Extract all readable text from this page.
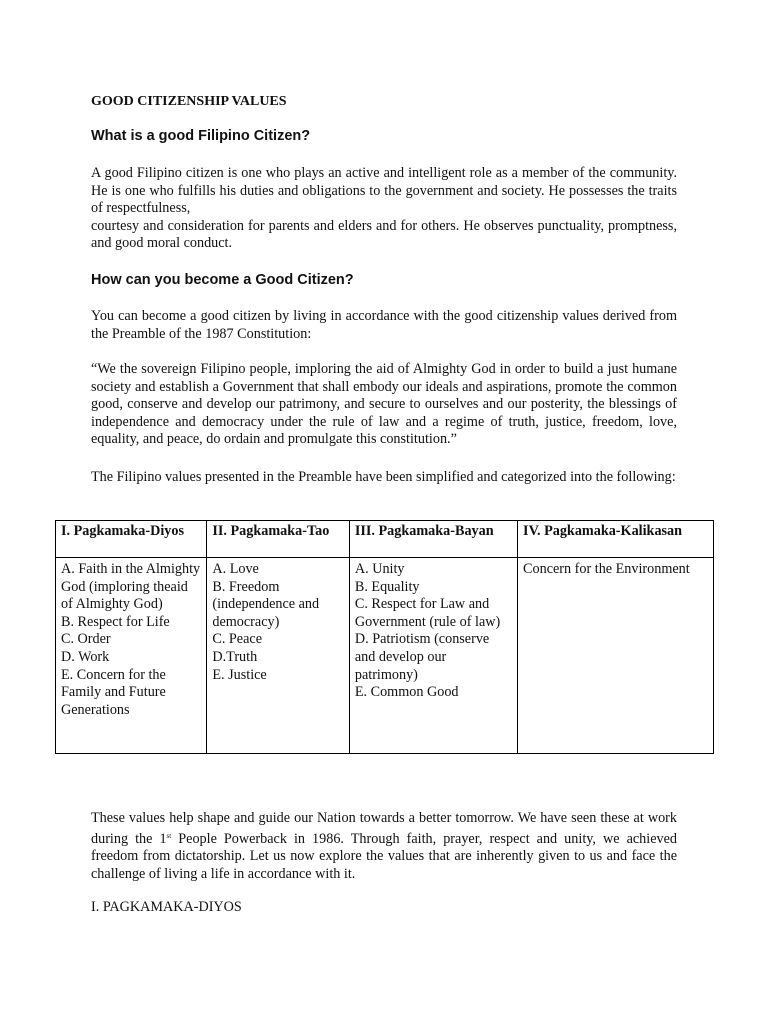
GOOD CITIZENSHIP VALUES
What is a good Filipino Citizen?
A good Filipino citizen is one who plays an active and intelligent role as a member of the community. He is one who fulfills his duties and obligations to the government and society. He possesses the traits of respectfulness,
courtesy and consideration for parents and elders and for others. He observes punctuality, promptness, and good moral conduct.
How can you become a Good Citizen?
You can become a good citizen by living in accordance with the good citizenship values derived from the Preamble of the 1987 Constitution:
“We the sovereign Filipino people, imploring the aid of Almighty God in order to build a just humane society and establish a Government that shall embody our ideals and aspirations, promote the common good, conserve and develop our patrimony, and secure to ourselves and our posterity, the blessings of independence and democracy under the rule of law and a regime of truth, justice, freedom, love, equality, and peace, do ordain and promulgate this constitution.”
The Filipino values presented in the Preamble have been simplified and categorized into the following:
I. Pagkamaka-Diyos	II. Pagkamaka-Tao	III. Pagkamaka-Bayan	IV. Pagkamaka-Kalikasan

A. Faith in the Almighty God (imploring theaid of Almighty God)
B. Respect for Life
C. Order
D. Work
E. Concern for the Family and Future Generations	A. Love
B. Freedom (independence and democracy)
C. Peace
D.Truth
E. Justice	A. Unity
B. Equality
C. Respect for Law and Government (rule of law)
D. Patriotism (conserve and develop our patrimony)
E. Common Good	Concern for the Environment
These values help shape and guide our Nation towards a better tomorrow. We have seen these at work during the 1st People Powerback in 1986. Through faith, prayer, respect and unity, we achieved freedom from dictatorship. Let us now explore the values that are inherently given to us and face the challenge of living a life in accordance with it.
I. PAGKAMAKA-DIYOS
